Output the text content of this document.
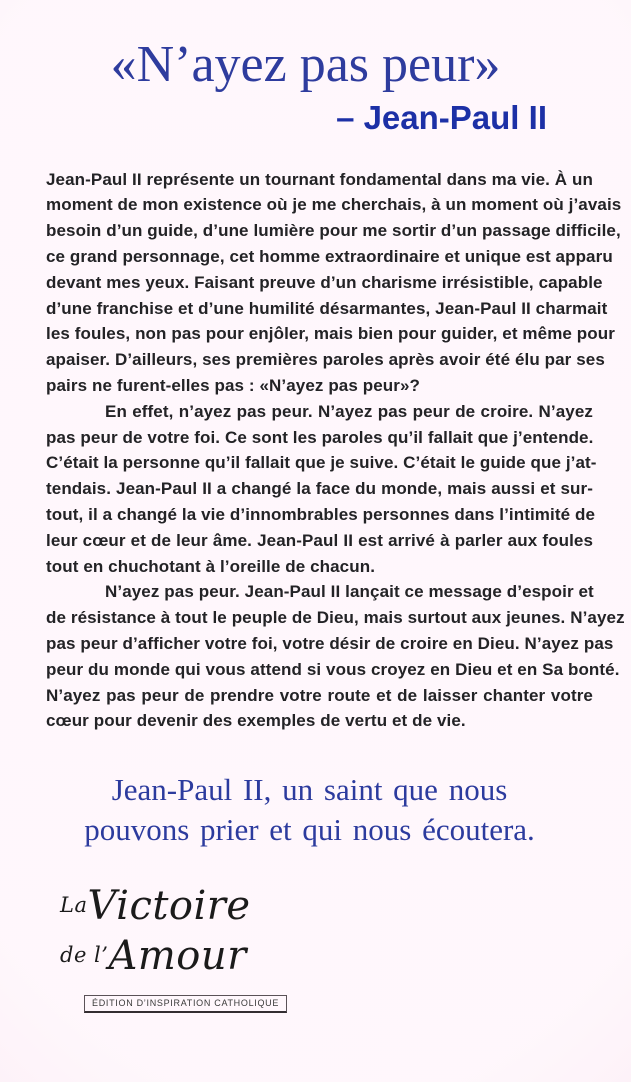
«N’ayez pas peur»
– Jean-Paul II
Jean-Paul II représente un tournant fondamental dans ma vie. À un
moment de mon existence où je me cherchais, à un moment où j’avais
besoin d’un guide, d’une lumière pour me sortir d’un passage difficile,
ce grand personnage, cet homme extraordinaire et unique est apparu
devant mes yeux. Faisant preuve d’un charisme irrésistible, capable
d’une franchise et d’une humilité désarmantes, Jean-Paul II charmait
les foules, non pas pour enjôler, mais bien pour guider, et même pour
apaiser. D’ailleurs, ses premières paroles après avoir été élu par ses
pairs ne furent-elles pas : «N’ayez pas peur»?
En effet, n’ayez pas peur. N’ayez pas peur de croire. N’ayez
pas peur de votre foi. Ce sont les paroles qu’il fallait que j’entende.
C’était la personne qu’il fallait que je suive. C’était le guide que j’at-
tendais. Jean-Paul II a changé la face du monde, mais aussi et sur-
tout, il a changé la vie d’innombrables personnes dans l’intimité de
leur cœur et de leur âme. Jean-Paul II est arrivé à parler aux foules
tout en chuchotant à l’oreille de chacun.
N’ayez pas peur. Jean-Paul II lançait ce message d’espoir et
de résistance à tout le peuple de Dieu, mais surtout aux jeunes. N’ayez
pas peur d’afficher votre foi, votre désir de croire en Dieu. N’ayez pas
peur du monde qui vous attend si vous croyez en Dieu et en Sa bonté.
N’ayez pas peur de prendre votre route et de laisser chanter votre
cœur pour devenir des exemples de vertu et de vie.
Jean-Paul II, un saint que nous
pouvons prier et qui nous écoutera.
LaVictoire
de l’Amour
ÉDITION D’INSPIRATION CATHOLIQUE
